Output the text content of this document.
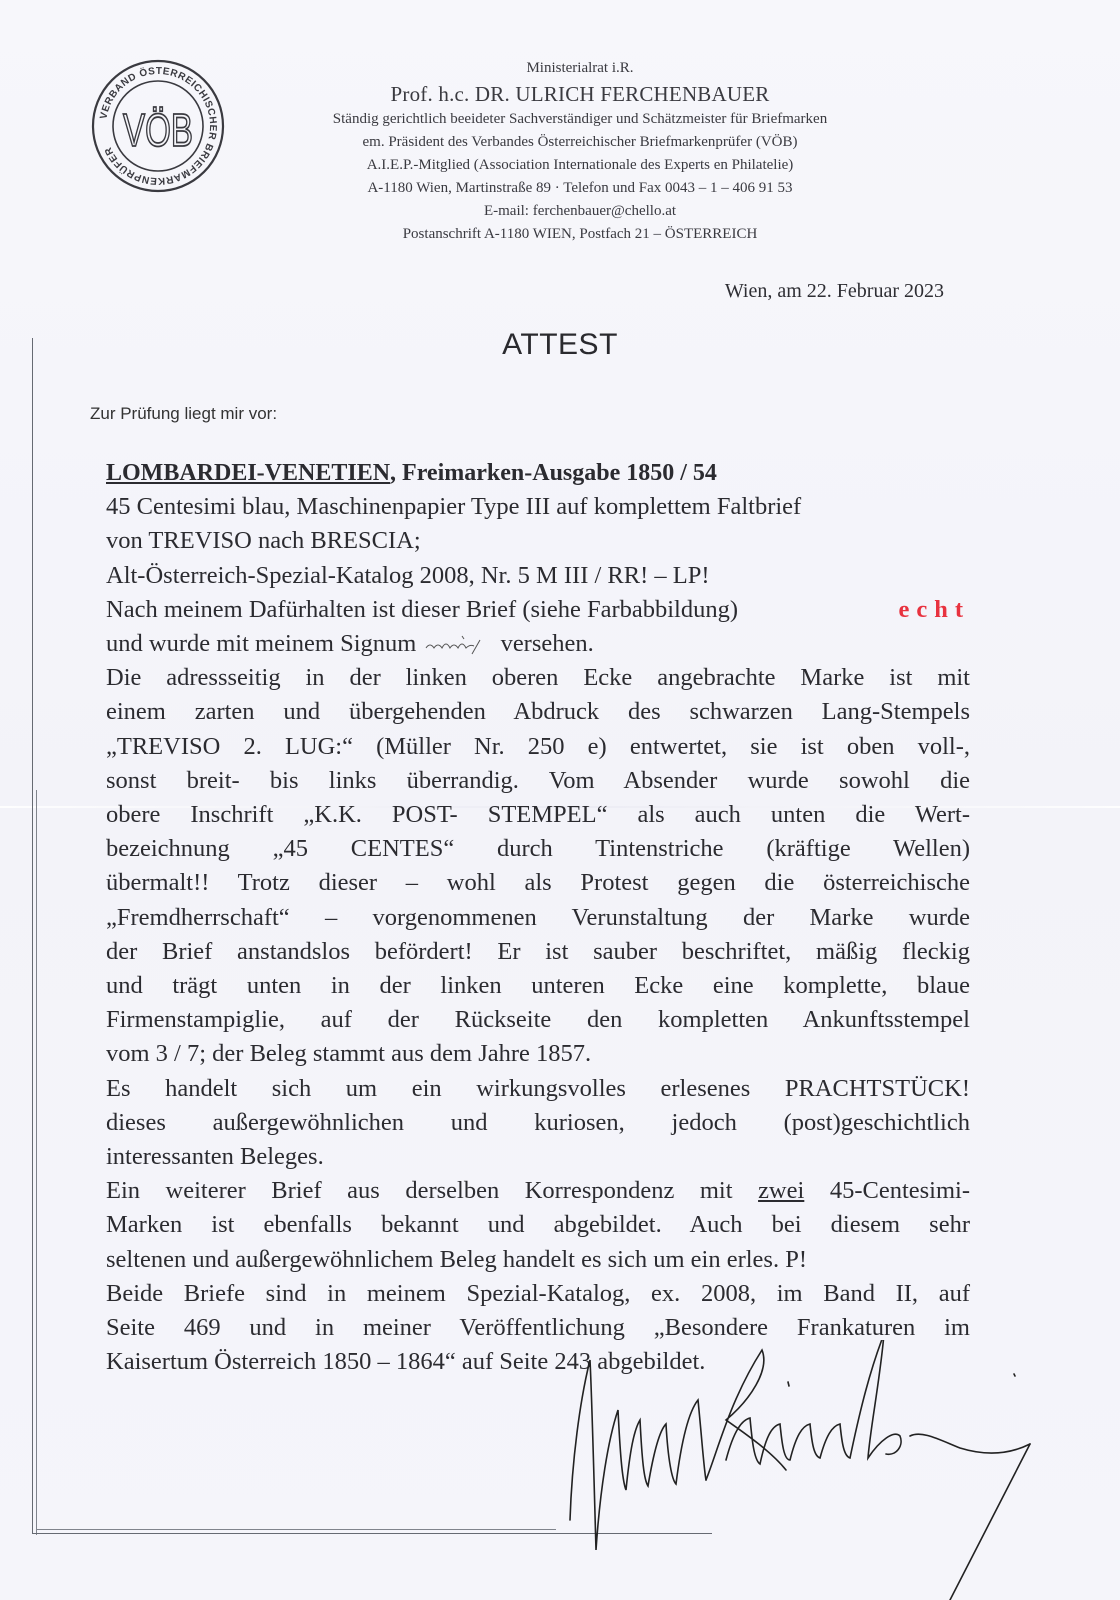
VERBAND ÖSTERREICHISCHER BRIEFMARKENPRÜFER VÖB
Ministerialrat i.R.
Prof. h.c. DR. ULRICH FERCHENBAUER
Ständig gerichtlich beeideter Sachverständiger und Schätzmeister für Briefmarken
em. Präsident des Verbandes Österreichischer Briefmarkenprüfer (VÖB)
A.I.E.P.-Mitglied (Association Internationale des Experts en Philatelie)
A-1180 Wien, Martinstraße 89 · Telefon und Fax 0043 – 1 – 406 91 53
E-mail: ferchenbauer@chello.at
Postanschrift A-1180 WIEN, Postfach 21 – ÖSTERREICH
Wien, am 22. Februar 2023
ATTEST
Zur Prüfung liegt mir vor:
LOMBARDEI-VENETIEN, Freimarken-Ausgabe 1850 / 54
45 Centesimi blau, Maschinenpapier Type III auf komplettem Faltbrief
von TREVISO nach BRESCIA;
Alt-Österreich-Spezial-Katalog 2008, Nr. 5 M III / RR! – LP!
Nach meinem Dafürhalten ist dieser Brief (siehe Farbabbildung)	echt
und wurde mit meinem Signum	versehen.
Die adressseitig in der linken oberen Ecke angebrachte Marke ist mit
einem zarten und übergehenden Abdruck des schwarzen Lang-Stempels
„TREVISO 2. LUG:“ (Müller Nr. 250 e) entwertet, sie ist oben voll-,
sonst breit- bis links überrandig. Vom Absender wurde sowohl die
obere Inschrift „K.K. POST- STEMPEL“ als auch unten die Wert-
bezeichnung „45 CENTES“ durch Tintenstriche (kräftige Wellen)
übermalt!! Trotz dieser – wohl als Protest gegen die österreichische
„Fremdherrschaft“ – vorgenommenen Verunstaltung der Marke wurde
der Brief anstandslos befördert! Er ist sauber beschriftet, mäßig fleckig
und trägt unten in der linken unteren Ecke eine komplette, blaue
Firmenstampiglie, auf der Rückseite den kompletten Ankunftsstempel
vom 3 / 7; der Beleg stammt aus dem Jahre 1857.
Es handelt sich um ein wirkungsvolles erlesenes PRACHTSTÜCK!
dieses außergewöhnlichen und kuriosen, jedoch (post)geschichtlich
interessanten Beleges.
Ein weiterer Brief aus derselben Korrespondenz mit zwei 45-Centesimi-
Marken ist ebenfalls bekannt und abgebildet. Auch bei diesem sehr
seltenen und außergewöhnlichem Beleg handelt es sich um ein erles. P!
Beide Briefe sind in meinem Spezial-Katalog, ex. 2008, im Band II, auf
Seite 469 und in meiner Veröffentlichung „Besondere Frankaturen im
Kaisertum Österreich 1850 – 1864“ auf Seite 243 abgebildet.
